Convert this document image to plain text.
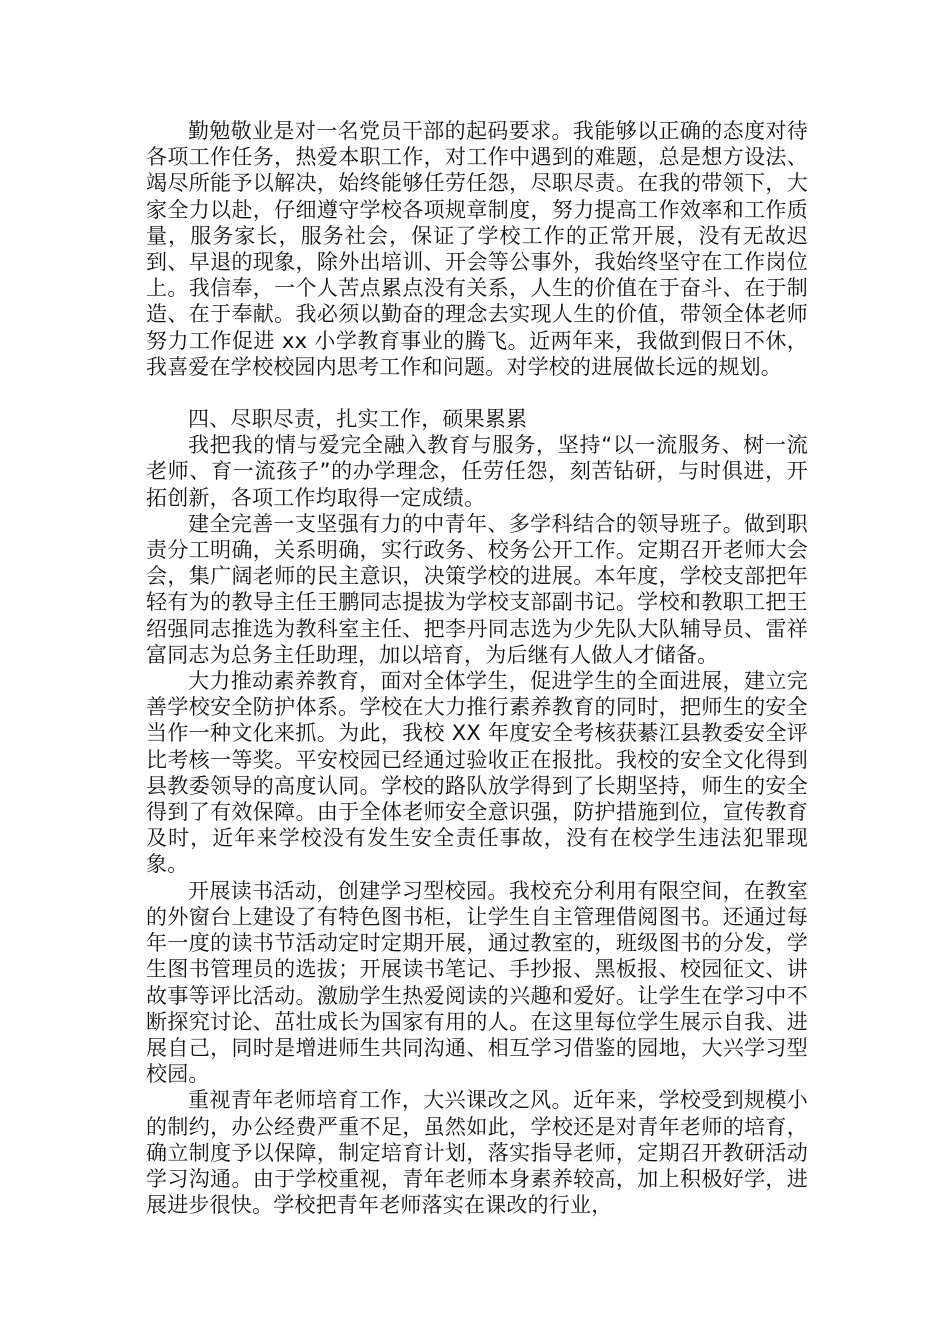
勤勉敬业是对一名党员干部的起码要求。我能够以正确的态度对待各项工作任务，热爱本职工作，对工作中遇到的难题，总是想方设法、竭尽所能予以解决，始终能够任劳任怨，尽职尽责。在我的带领下，大家全力以赴，仔细遵守学校各项规章制度，努力提高工作效率和工作质量，服务家长，服务社会，保证了学校工作的正常开展，没有无故迟到、早退的现象，除外出培训、开会等公事外，我始终坚守在工作岗位上。我信奉，一个人苦点累点没有关系，人生的价值在于奋斗、在于制造、在于奉献。我必须以勤奋的理念去实现人生的价值，带领全体老师努力工作促进 xx 小学教育事业的腾飞。近两年来，我做到假日不休，我喜爱在学校校园内思考工作和问题。对学校的进展做长远的规划。

四、尽职尽责，扎实工作，硕果累累

我把我的情与爱完全融入教育与服务，坚持“以一流服务、树一流老师、育一流孩子”的办学理念，任劳任怨，刻苦钻研，与时俱进，开拓创新，各项工作均取得一定成绩。

建全完善一支坚强有力的中青年、多学科结合的领导班子。做到职责分工明确，关系明确，实行政务、校务公开工作。定期召开老师大会会，集广阔老师的民主意识，决策学校的进展。本年度，学校支部把年轻有为的教导主任王鹏同志提拔为学校支部副书记。学校和教职工把王绍强同志推选为教科室主任、把李丹同志选为少先队大队辅导员、雷祥富同志为总务主任助理，加以培育，为后继有人做人才储备。

大力推动素养教育，面对全体学生，促进学生的全面进展，建立完善学校安全防护体系。学校在大力推行素养教育的同时，把师生的安全当作一种文化来抓。为此，我校 XX 年度安全考核获綦江县教委安全评比考核一等奖。平安校园已经通过验收正在报批。我校的安全文化得到县教委领导的高度认同。学校的路队放学得到了长期坚持，师生的安全得到了有效保障。由于全体老师安全意识强，防护措施到位，宣传教育及时，近年来学校没有发生安全责任事故，没有在校学生违法犯罪现象。

开展读书活动，创建学习型校园。我校充分利用有限空间，在教室的外窗台上建设了有特色图书柜，让学生自主管理借阅图书。还通过每年一度的读书节活动定时定期开展，通过教室的，班级图书的分发，学生图书管理员的选拔；开展读书笔记、手抄报、黑板报、校园征文、讲故事等评比活动。激励学生热爱阅读的兴趣和爱好。让学生在学习中不断探究讨论、茁壮成长为国家有用的人。在这里每位学生展示自我、进展自己，同时是增进师生共同沟通、相互学习借鉴的园地，大兴学习型校园。

重视青年老师培育工作，大兴课改之风。近年来，学校受到规模小的制约，办公经费严重不足，虽然如此，学校还是对青年老师的培育，确立制度予以保障，制定培育计划，落实指导老师，定期召开教研活动学习沟通。由于学校重视，青年老师本身素养较高，加上积极好学，进展进步很快。学校把青年老师落实在课改的行业，
